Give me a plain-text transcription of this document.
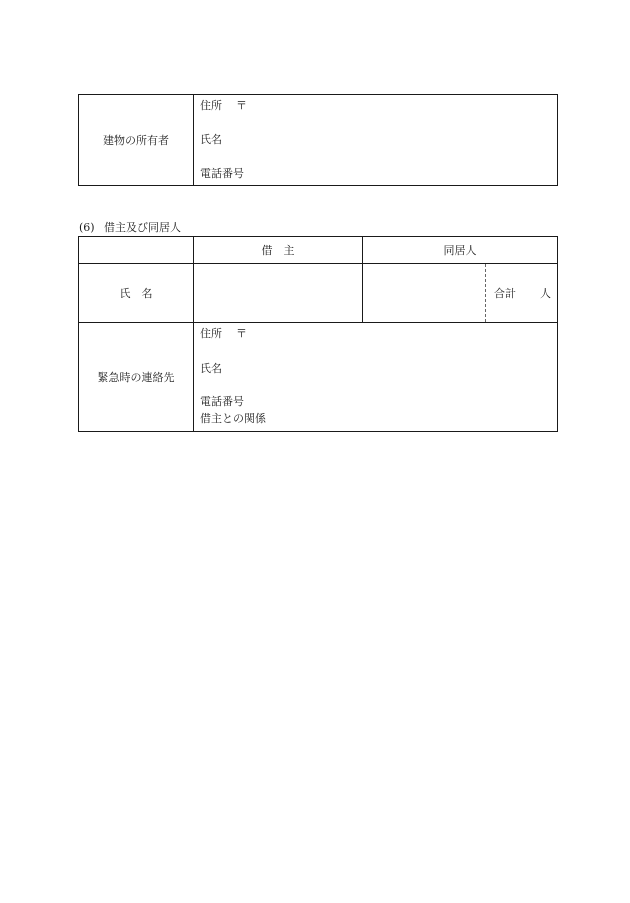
建物の所有者
住所 〒
氏名
電話番号
(6) 借主及び同居人
借　主	同居人
氏　名	合計 人
緊急時の連絡先
住所 〒
氏名
電話番号
借主との関係
